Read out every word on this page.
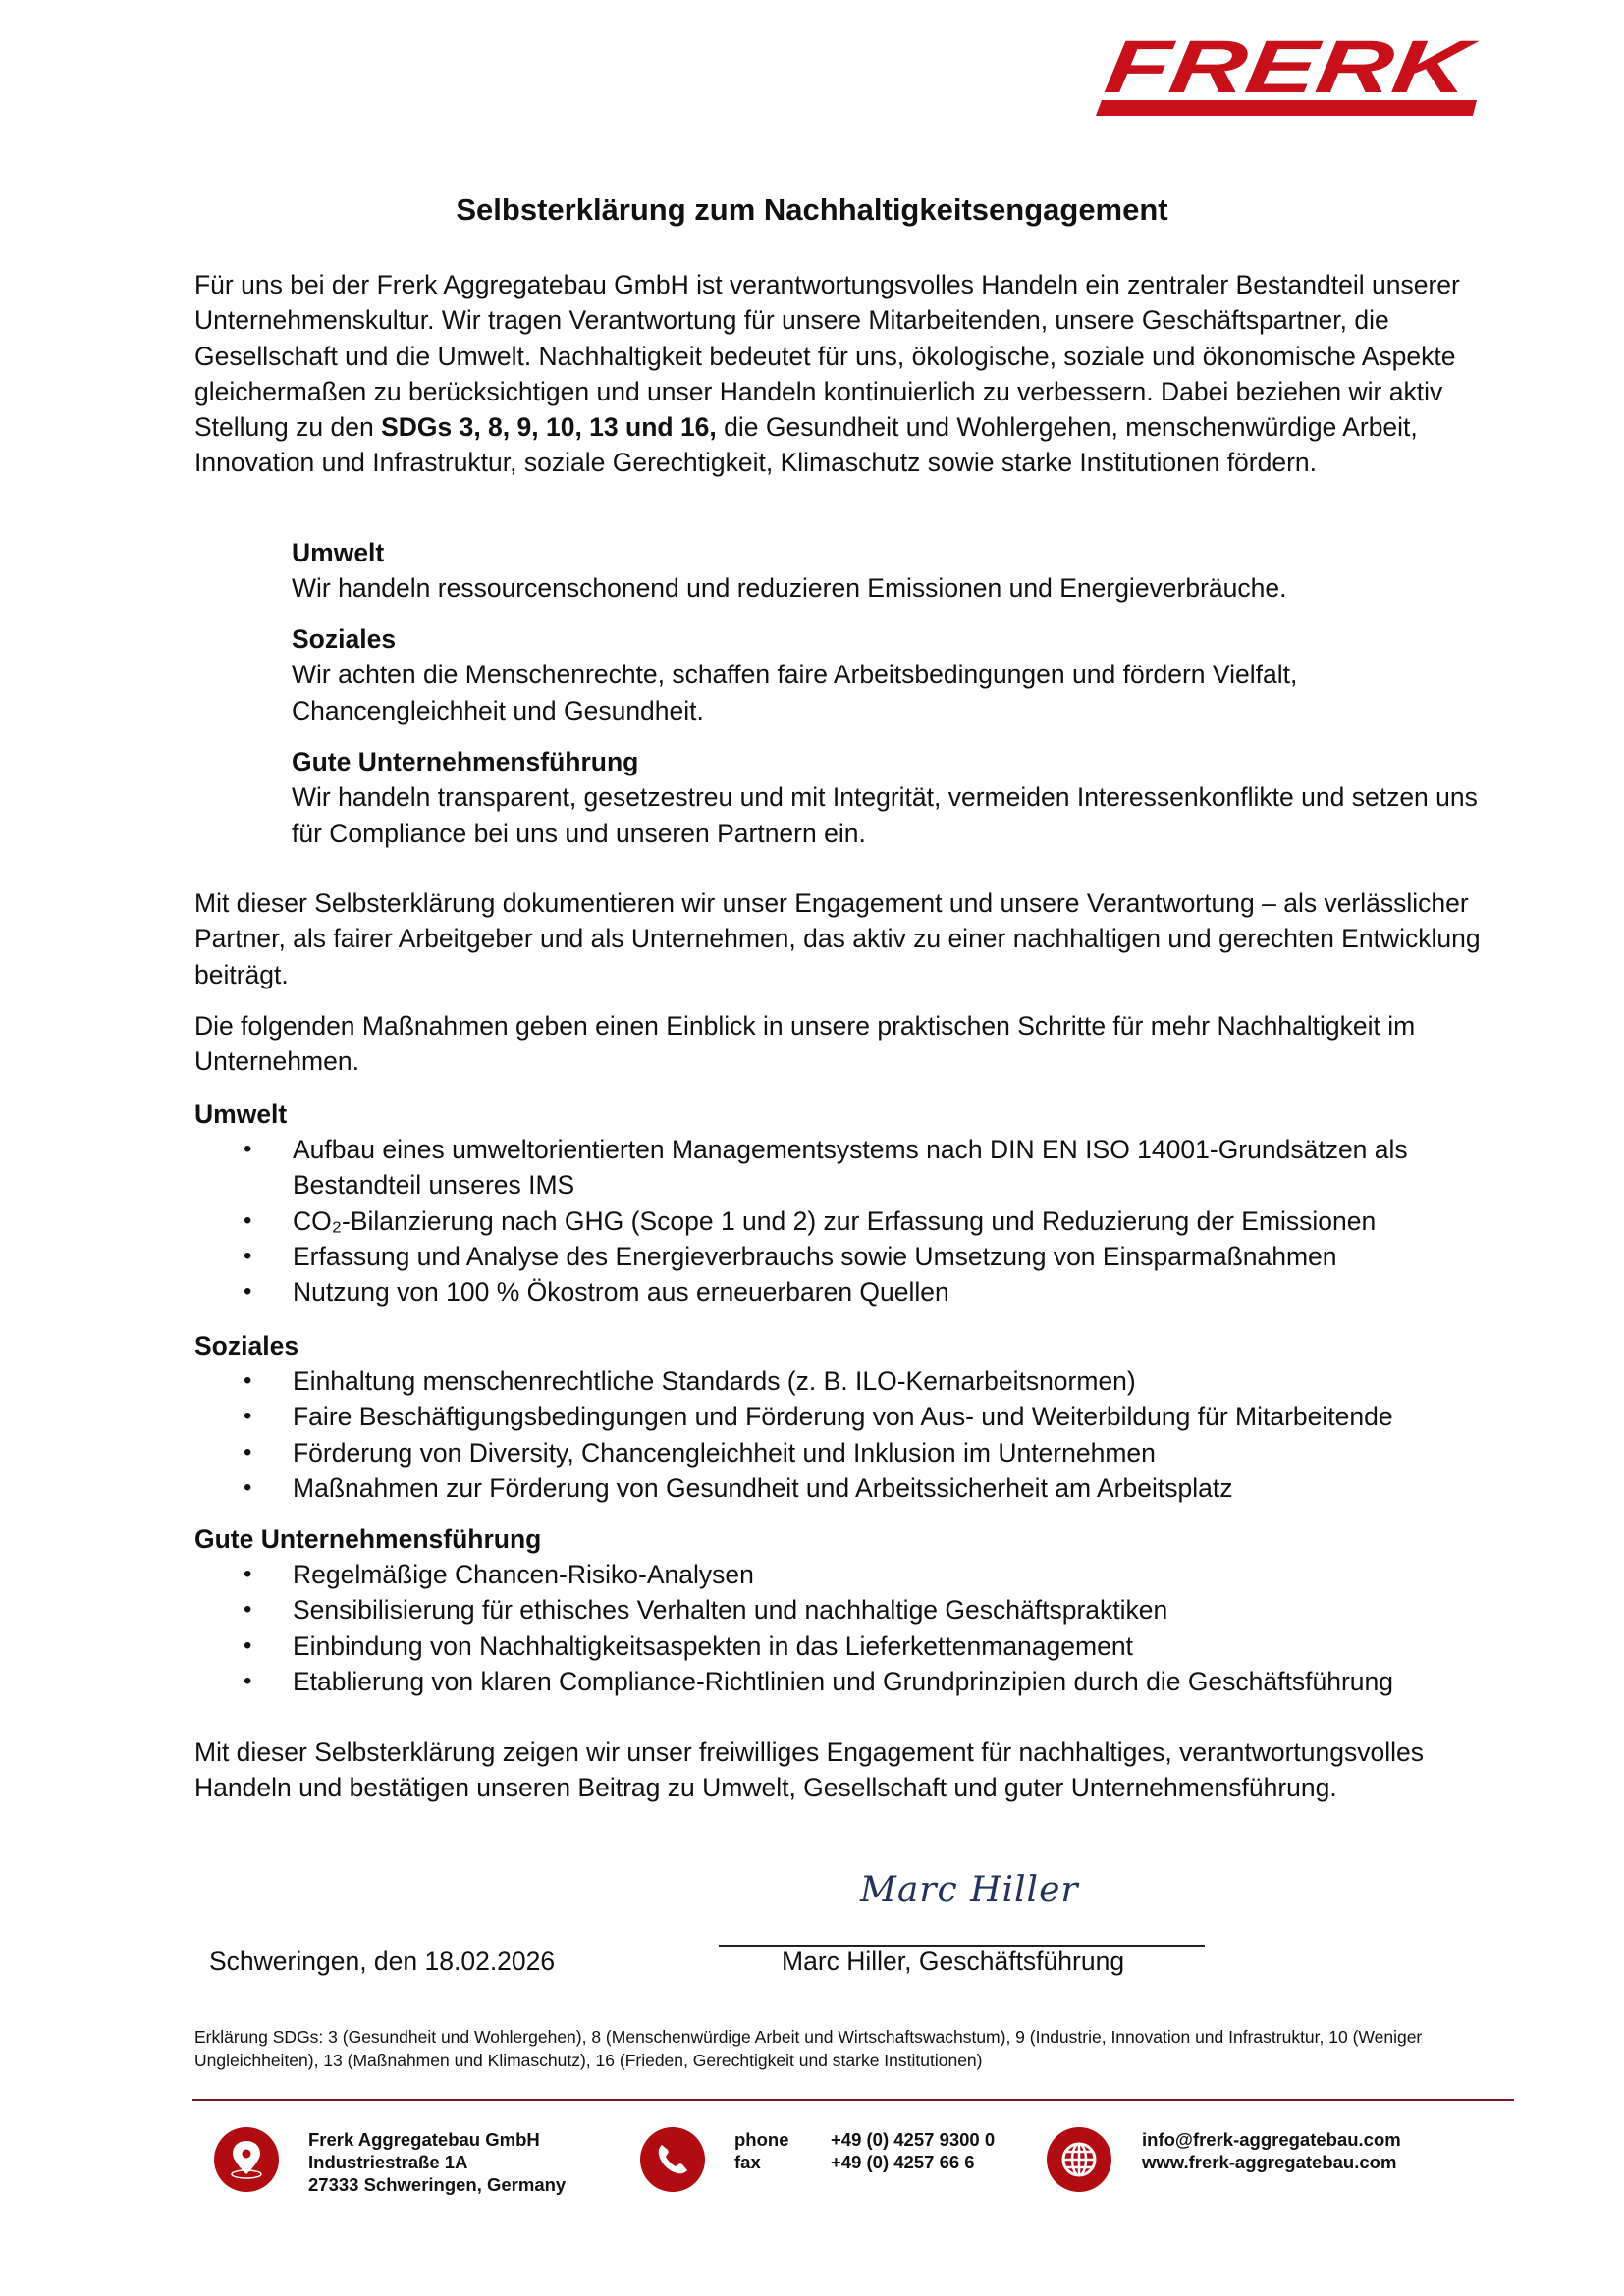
FRERK
Selbsterklärung zum Nachhaltigkeitsengagement
Für uns bei der Frerk Aggregatebau GmbH ist verantwortungsvolles Handeln ein zentraler Bestandteil unserer Unternehmenskultur. Wir tragen Verantwortung für unsere Mitarbeitenden, unsere Geschäftspartner, die Gesellschaft und die Umwelt. Nachhaltigkeit bedeutet für uns, ökologische, soziale und ökonomische Aspekte gleichermaßen zu berücksichtigen und unser Handeln kontinuierlich zu verbessern. Dabei beziehen wir aktiv Stellung zu den SDGs 3, 8, 9, 10, 13 und 16, die Gesundheit und Wohlergehen, menschenwürdige Arbeit, Innovation und Infrastruktur, soziale Gerechtigkeit, Klimaschutz sowie starke Institutionen fördern.
Umwelt
Wir handeln ressourcenschonend und reduzieren Emissionen und Energieverbräuche.
Soziales
Wir achten die Menschenrechte, schaffen faire Arbeitsbedingungen und fördern Vielfalt, Chancengleichheit und Gesundheit.
Gute Unternehmensführung
Wir handeln transparent, gesetzestreu und mit Integrität, vermeiden Interessenkonflikte und setzen uns für Compliance bei uns und unseren Partnern ein.
Mit dieser Selbsterklärung dokumentieren wir unser Engagement und unsere Verantwortung – als verlässlicher Partner, als fairer Arbeitgeber und als Unternehmen, das aktiv zu einer nachhaltigen und gerechten Entwicklung beiträgt.
Die folgenden Maßnahmen geben einen Einblick in unsere praktischen Schritte für mehr Nachhaltigkeit im Unternehmen.
Umwelt
• Aufbau eines umweltorientierten Managementsystems nach DIN EN ISO 14001-Grundsätzen als Bestandteil unseres IMS
• CO₂-Bilanzierung nach GHG (Scope 1 und 2) zur Erfassung und Reduzierung der Emissionen
• Erfassung und Analyse des Energieverbrauchs sowie Umsetzung von Einsparmaßnahmen
• Nutzung von 100 % Ökostrom aus erneuerbaren Quellen
Soziales
• Einhaltung menschenrechtliche Standards (z. B. ILO-Kernarbeitsnormen)
• Faire Beschäftigungsbedingungen und Förderung von Aus- und Weiterbildung für Mitarbeitende
• Förderung von Diversity, Chancengleichheit und Inklusion im Unternehmen
• Maßnahmen zur Förderung von Gesundheit und Arbeitssicherheit am Arbeitsplatz
Gute Unternehmensführung
• Regelmäßige Chancen-Risiko-Analysen
• Sensibilisierung für ethisches Verhalten und nachhaltige Geschäftspraktiken
• Einbindung von Nachhaltigkeitsaspekten in das Lieferkettenmanagement
• Etablierung von klaren Compliance-Richtlinien und Grundprinzipien durch die Geschäftsführung
Mit dieser Selbsterklärung zeigen wir unser freiwilliges Engagement für nachhaltiges, verantwortungsvolles Handeln und bestätigen unseren Beitrag zu Umwelt, Gesellschaft und guter Unternehmensführung.
Marc Hiller
Schweringen, den 18.02.2026	Marc Hiller, Geschäftsführung
Erklärung SDGs: 3 (Gesundheit und Wohlergehen), 8 (Menschenwürdige Arbeit und Wirtschaftswachstum), 9 (Industrie, Innovation und Infrastruktur, 10 (Weniger Ungleichheiten), 13 (Maßnahmen und Klimaschutz), 16 (Frieden, Gerechtigkeit und starke Institutionen)
Frerk Aggregatebau GmbH
Industriestraße 1A
27333 Schweringen, Germany
phone
fax
+49 (0) 4257 9300 0
+49 (0) 4257 66 6
info@frerk-aggregatebau.com
www.frerk-aggregatebau.com
